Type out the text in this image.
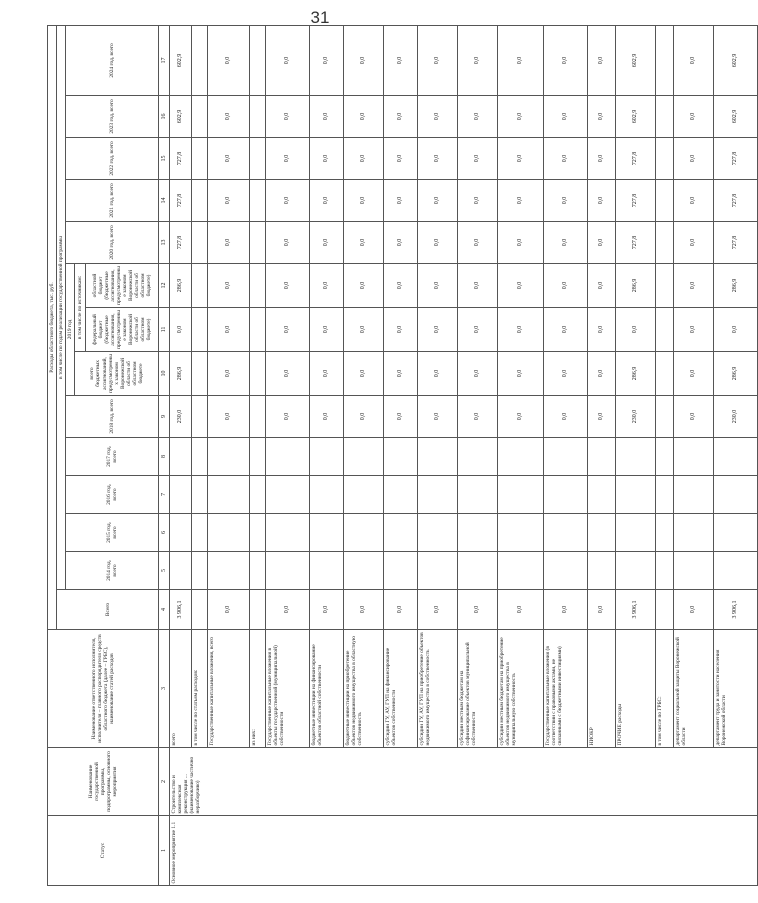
31
Статус	Наименование государственной программы, подпрограммы, основного мероприятия	Наименование ответственного исполнителя, исполнителя – главного распорядителя средств областного бюджета (далее – ГРБС), наименование статей расходов	Расходы областного бюджета, тыс. руб.													
			Всего	в том числе по годам реализации государственной программы												
				2014 год, всего	2015 год, всего	2016 год, всего	2017 год, всего	2018 год, всего	2019 год			2020 год, всего	2021 год, всего	2022 год, всего	2023 год, всего	2024 год, всего
									всего бюджетных ассигнований, предусмотренных законом Воронежской области об областном бюджете	в том числе по источникам:						
										федеральный бюджет (бюджетные ассигнования, предусмотренные законом Воронежской области об областном бюджете)	областной бюджет (бюджетные ассигнования, предусмотренные законом Воронежской области об областном бюджете)					
1	2	3	4	5	6	7	8	9	10	11	12	13	14	15	16	17
Основное мероприятие 1.1	Строительство и комплексная реконструкция ... (наименование частично неразборчиво)	всего	3 906,1					230,0	286,9	0,0	286,9	727,8	727,8	727,8	602,9	602,9
		в том числе по статьям расходов:														
		Государственные капитальные вложения, всего	0,0					0,0	0,0	0,0	0,0	0,0	0,0	0,0	0,0	0,0
		из них:														
		Государственные капитальные вложения в объекты государственной (муниципальной) собственности	0,0					0,0	0,0	0,0	0,0	0,0	0,0	0,0	0,0	0,0
		бюджетные инвестиции на финансирование объектов областной собственности	0,0					0,0	0,0	0,0	0,0	0,0	0,0	0,0	0,0	0,0
		бюджетные инвестиции на приобретение объектов недвижимого имущества в областную собственность	0,0					0,0	0,0	0,0	0,0	0,0	0,0	0,0	0,0	0,0
		субсидии ГУ, АУ, ГУП на финансирование объектов собственности	0,0					0,0	0,0	0,0	0,0	0,0	0,0	0,0	0,0	0,0
		субсидии ГУ, АУ, ГУП на приобретение объектов недвижимого имущества в собственность	0,0					0,0	0,0	0,0	0,0	0,0	0,0	0,0	0,0	0,0
		субсидии местным бюджетам на софинансирование объектов муниципальной собственности	0,0					0,0	0,0	0,0	0,0	0,0	0,0	0,0	0,0	0,0
		субсидии местным бюджетам на приобретение объектов недвижимого имущества в муниципальную собственность	0,0					0,0	0,0	0,0	0,0	0,0	0,0	0,0	0,0	0,0
		Государственные капитальные вложения (в соответствии с правовыми актами, не связанными с бюджетными инвестициями)	0,0					0,0	0,0	0,0	0,0	0,0	0,0	0,0	0,0	0,0
		НИОКР	0,0					0,0	0,0	0,0	0,0	0,0	0,0	0,0	0,0	0,0
		ПРОЧИЕ расходы	3 906,1					230,0	286,9	0,0	286,9	727,8	727,8	727,8	602,9	602,9
		в том числе по ГРБС:														
		департамент социальной защиты Воронежской области	0,0					0,0	0,0	0,0	0,0	0,0	0,0	0,0	0,0	0,0
		департамент труда и занятости населения Воронежской области	3 906,1					230,0	286,9	0,0	286,9	727,8	727,8	727,8	602,9	602,9
